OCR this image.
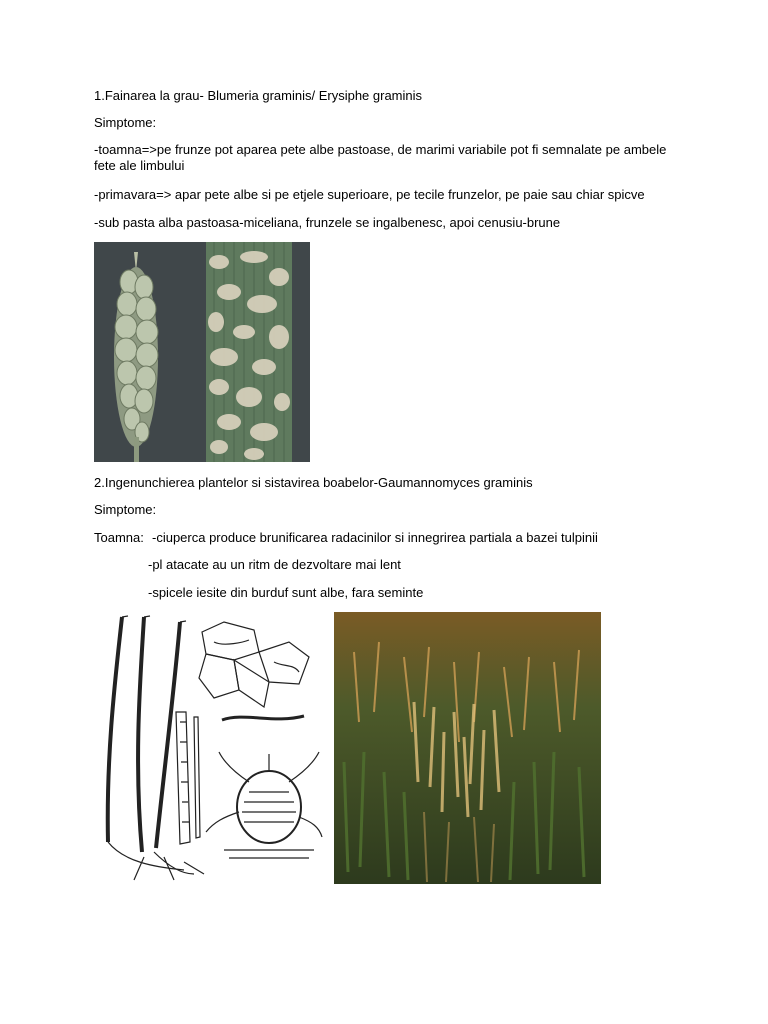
1.Fainarea la grau- Blumeria graminis/ Erysiphe graminis
Simptome:
-toamna=>pe frunze pot aparea pete albe pastoase, de marimi variabile pot fi semnalate pe ambele fete ale limbului
-primavara=> apar pete albe si pe etjele superioare, pe tecile frunzelor, pe paie sau chiar spicve
-sub pasta alba pastoasa-miceliana, frunzele se ingalbenesc, apoi cenusiu-brune
2.Ingenunchierea plantelor si sistavirea boabelor-Gaumannomyces graminis
Simptome:
Toamna: -ciuperca produce brunificarea radacinilor si innegrirea partiala a bazei tulpinii
-pl atacate au un ritm de dezvoltare mai lent
-spicele iesite din burduf sunt albe, fara seminte
